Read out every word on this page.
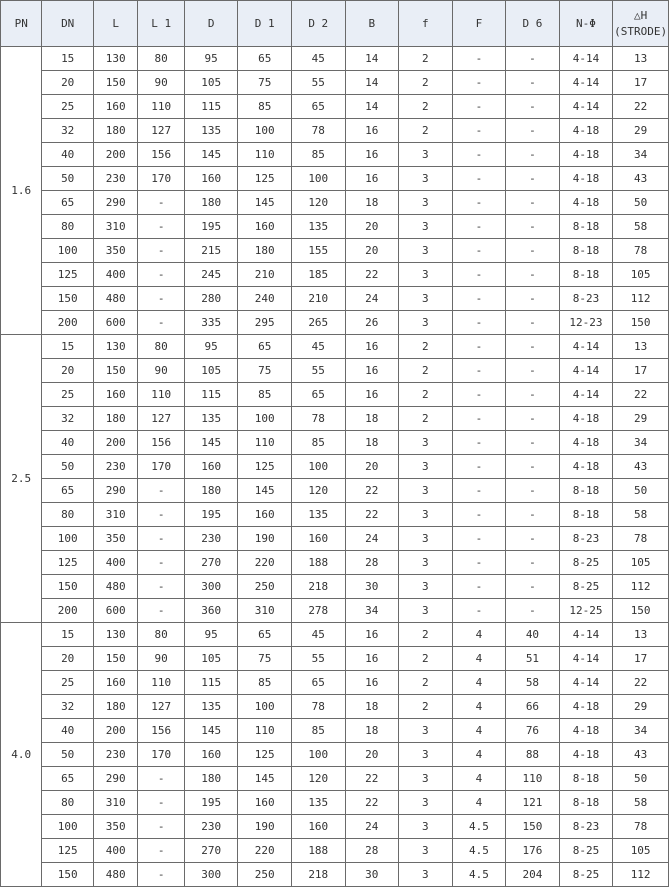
PN	DN	L	L 1	D	D 1	D 2	B	f	F	D 6	N-Φ	△H
(STRODE)

1.6	15	130	80	95	65	45	14	2	-	-	4-14	13
	20	150	90	105	75	55	14	2	-	-	4-14	17
	25	160	110	115	85	65	14	2	-	-	4-14	22
	32	180	127	135	100	78	16	2	-	-	4-18	29
	40	200	156	145	110	85	16	3	-	-	4-18	34
	50	230	170	160	125	100	16	3	-	-	4-18	43
	65	290	-	180	145	120	18	3	-	-	4-18	50
	80	310	-	195	160	135	20	3	-	-	8-18	58
	100	350	-	215	180	155	20	3	-	-	8-18	78
	125	400	-	245	210	185	22	3	-	-	8-18	105
	150	480	-	280	240	210	24	3	-	-	8-23	112
	200	600	-	335	295	265	26	3	-	-	12-23	150
2.5	15	130	80	95	65	45	16	2	-	-	4-14	13
	20	150	90	105	75	55	16	2	-	-	4-14	17
	25	160	110	115	85	65	16	2	-	-	4-14	22
	32	180	127	135	100	78	18	2	-	-	4-18	29
	40	200	156	145	110	85	18	3	-	-	4-18	34
	50	230	170	160	125	100	20	3	-	-	4-18	43
	65	290	-	180	145	120	22	3	-	-	8-18	50
	80	310	-	195	160	135	22	3	-	-	8-18	58
	100	350	-	230	190	160	24	3	-	-	8-23	78
	125	400	-	270	220	188	28	3	-	-	8-25	105
	150	480	-	300	250	218	30	3	-	-	8-25	112
	200	600	-	360	310	278	34	3	-	-	12-25	150
4.0	15	130	80	95	65	45	16	2	4	40	4-14	13
	20	150	90	105	75	55	16	2	4	51	4-14	17
	25	160	110	115	85	65	16	2	4	58	4-14	22
	32	180	127	135	100	78	18	2	4	66	4-18	29
	40	200	156	145	110	85	18	3	4	76	4-18	34
	50	230	170	160	125	100	20	3	4	88	4-18	43
	65	290	-	180	145	120	22	3	4	110	8-18	50
	80	310	-	195	160	135	22	3	4	121	8-18	58
	100	350	-	230	190	160	24	3	4.5	150	8-23	78
	125	400	-	270	220	188	28	3	4.5	176	8-25	105
	150	480	-	300	250	218	30	3	4.5	204	8-25	112
